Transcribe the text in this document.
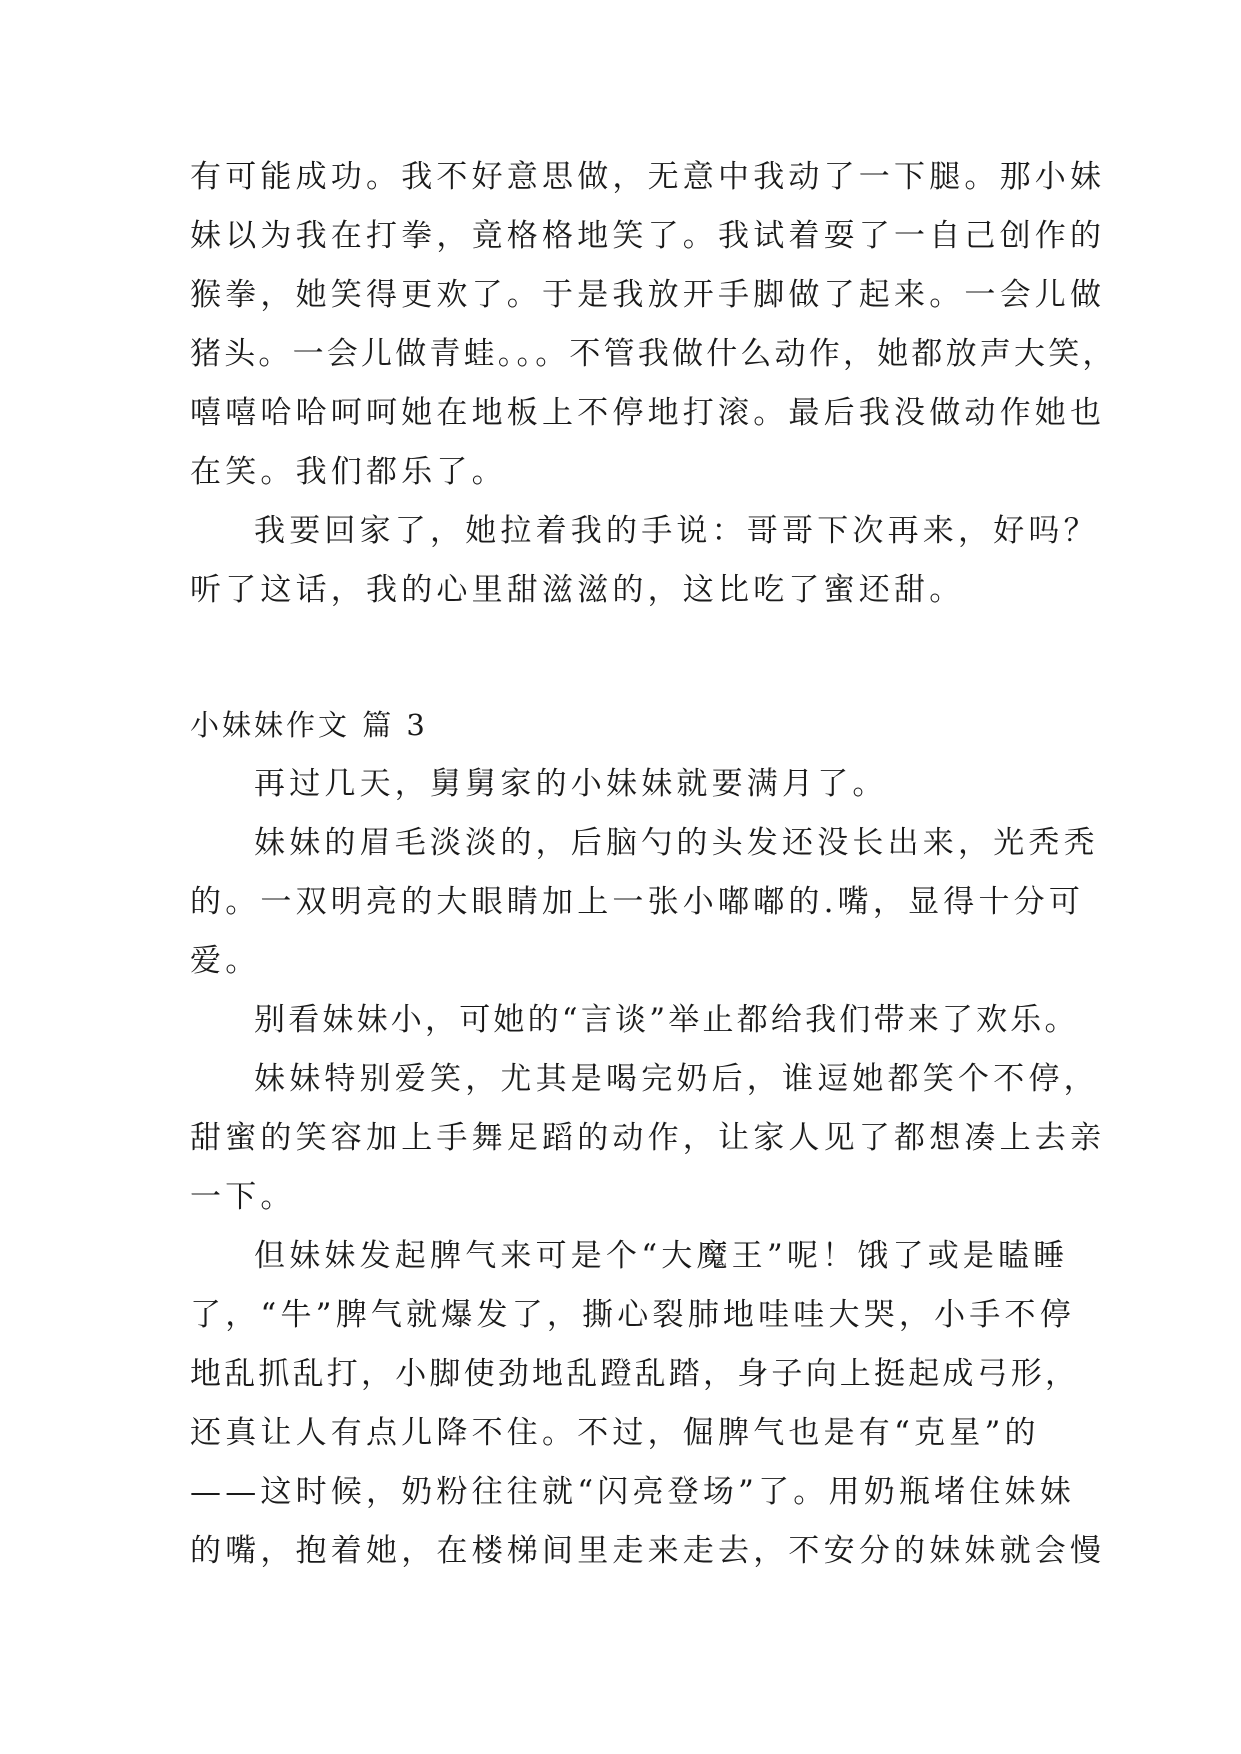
有可能成功。我不好意思做，无意中我动了一下腿。那小妹
妹以为我在打拳，竟格格地笑了。我试着耍了一自己创作的
猴拳，她笑得更欢了。于是我放开手脚做了起来。一会儿做
猪头。一会儿做青蛙。。。不管我做什么动作，她都放声大笑，
嘻嘻哈哈呵呵她在地板上不停地打滚。最后我没做动作她也
在笑。我们都乐了。
我要回家了，她拉着我的手说：哥哥下次再来，好吗？
听了这话，我的心里甜滋滋的，这比吃了蜜还甜。
小妹妹作文 篇 3
再过几天，舅舅家的小妹妹就要满月了。
妹妹的眉毛淡淡的，后脑勺的头发还没长出来，光秃秃
的。一双明亮的大眼睛加上一张小嘟嘟的.嘴，显得十分可
爱。
别看妹妹小，可她的“言谈”举止都给我们带来了欢乐。
妹妹特别爱笑，尤其是喝完奶后，谁逗她都笑个不停，
甜蜜的笑容加上手舞足蹈的动作，让家人见了都想凑上去亲
一下。
但妹妹发起脾气来可是个“大魔王”呢！饿了或是瞌睡
了，“牛”脾气就爆发了，撕心裂肺地哇哇大哭，小手不停
地乱抓乱打，小脚使劲地乱蹬乱踏，身子向上挺起成弓形，
还真让人有点儿降不住。不过，倔脾气也是有“克星”的
——这时候，奶粉往往就“闪亮登场”了。用奶瓶堵住妹妹
的嘴，抱着她，在楼梯间里走来走去，不安分的妹妹就会慢
